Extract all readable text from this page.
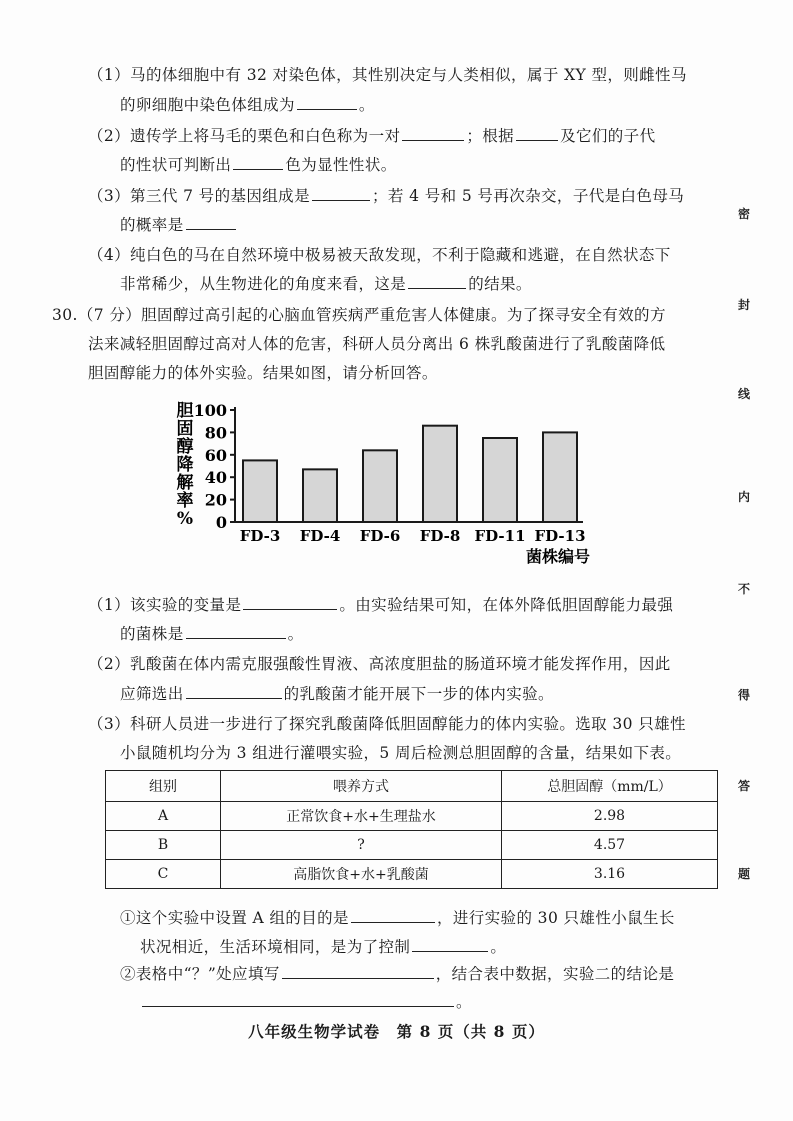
（1）马的体细胞中有 32 对染色体，其性别决定与人类相似，属于 XY 型，则雌性马
的卵细胞中染色体组成为	。
（2）遗传学上将马毛的栗色和白色称为一对	；根据	及它们的子代
的性状可判断出	色为显性性状。
（3）第三代 7 号的基因组成是	；若 4 号和 5 号再次杂交，子代是白色母马
的概率是
（4）纯白色的马在自然环境中极易被天敌发现，不利于隐藏和逃避，在自然状态下
非常稀少，从生物进化的角度来看，这是	的结果。
30.（7 分）胆固醇过高引起的心脑血管疾病严重危害人体健康。为了探寻安全有效的方
法来减轻胆固醇过高对人体的危害，科研人员分离出 6 株乳酸菌进行了乳酸菌降低
胆固醇能力的体外实验。结果如图，请分析回答。
胆
固
醇
降
解
率
% 0
20
40
60
80
100
FD-3 FD-4 FD-6 FD-8 FD-11 FD-13
菌株编号
（1）该实验的变量是	。由实验结果可知，在体外降低胆固醇能力最强
的菌株是	。
（2）乳酸菌在体内需克服强酸性胃液、高浓度胆盐的肠道环境才能发挥作用，因此
应筛选出	的乳酸菌才能开展下一步的体内实验。
（3）科研人员进一步进行了探究乳酸菌降低胆固醇能力的体内实验。选取 30 只雄性
小鼠随机均分为 3 组进行灌喂实验，5 周后检测总胆固醇的含量，结果如下表。
组别	喂养方式	总胆固醇（mm/L）
A	正常饮食+水+生理盐水	2.98
B	?	4.57
C	高脂饮食+水+乳酸菌	3.16
①这个实验中设置 A 组的目的是	，进行实验的 30 只雄性小鼠生长
状况相近，生活环境相同，是为了控制	。
②表格中“？”处应填写	，结合表中数据，实验二的结论是
。
八年级生物学试卷　第 8 页（共 8 页）
密
封
线
内
不
得
答
题
